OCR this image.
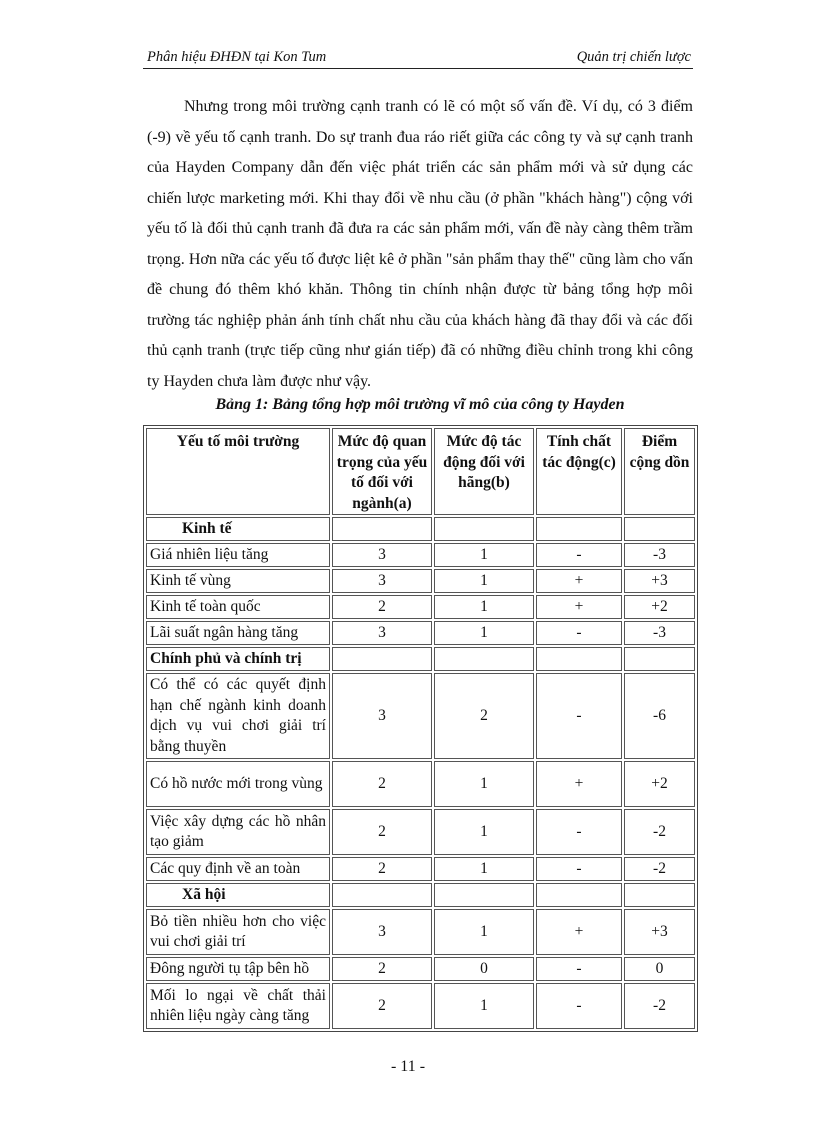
Phân hiệu ĐHĐN tại Kon Tum	Quản trị chiến lược

Nhưng trong môi trường cạnh tranh có lẽ có một số vấn đề. Ví dụ, có 3 điểm (-9) về yếu tố cạnh tranh. Do sự tranh đua ráo riết giữa các công ty và sự cạnh tranh của Hayden Company dẫn đến việc phát triển các sản phẩm mới và sử dụng các chiến lược marketing mới. Khi thay đổi về nhu cầu (ở phần "khách hàng") cộng với yếu tố là đối thủ cạnh tranh đã đưa ra các sản phẩm mới, vấn đề này càng thêm trầm trọng. Hơn nữa các yếu tố được liệt kê ở phần "sản phẩm thay thế" cũng làm cho vấn đề chung đó thêm khó khăn. Thông tin chính nhận được từ bảng tổng hợp môi trường tác nghiệp phản ánh tính chất nhu cầu của khách hàng đã thay đổi và các đối thủ cạnh tranh (trực tiếp cũng như gián tiếp) đã có những điều chỉnh trong khi công ty Hayden chưa làm được như vậy.

Bảng 1: Bảng tổng hợp môi trường vĩ mô của công ty Hayden
Yếu tố môi trường	Mức độ quan trọng của yếu tố đối với ngành(a)	Mức độ tác động đối với hãng(b)	Tính chất tác động(c)	Điểm cộng dồn
Kinh tế				
Giá nhiên liệu tăng	3	1	-	-3
Kinh tế vùng	3	1	+	+3
Kinh tế toàn quốc	2	1	+	+2
Lãi suất ngân hàng tăng	3	1	-	-3
Chính phủ và chính trị				
Có thể có các quyết định hạn chế ngành kinh doanh dịch vụ vui chơi giải trí bằng thuyền	3	2	-	-6
Có hồ nước mới trong vùng	2	1	+	+2
Việc xây dựng các hồ nhân tạo giảm	2	1	-	-2
Các quy định về an toàn	2	1	-	-2
Xã hội				
Bỏ tiền nhiều hơn cho việc vui chơi giải trí	3	1	+	+3
Đông người tụ tập bên hồ	2	0	-	0
Mối lo ngại về chất thải nhiên liệu ngày càng tăng	2	1	-	-2
- 11 -
